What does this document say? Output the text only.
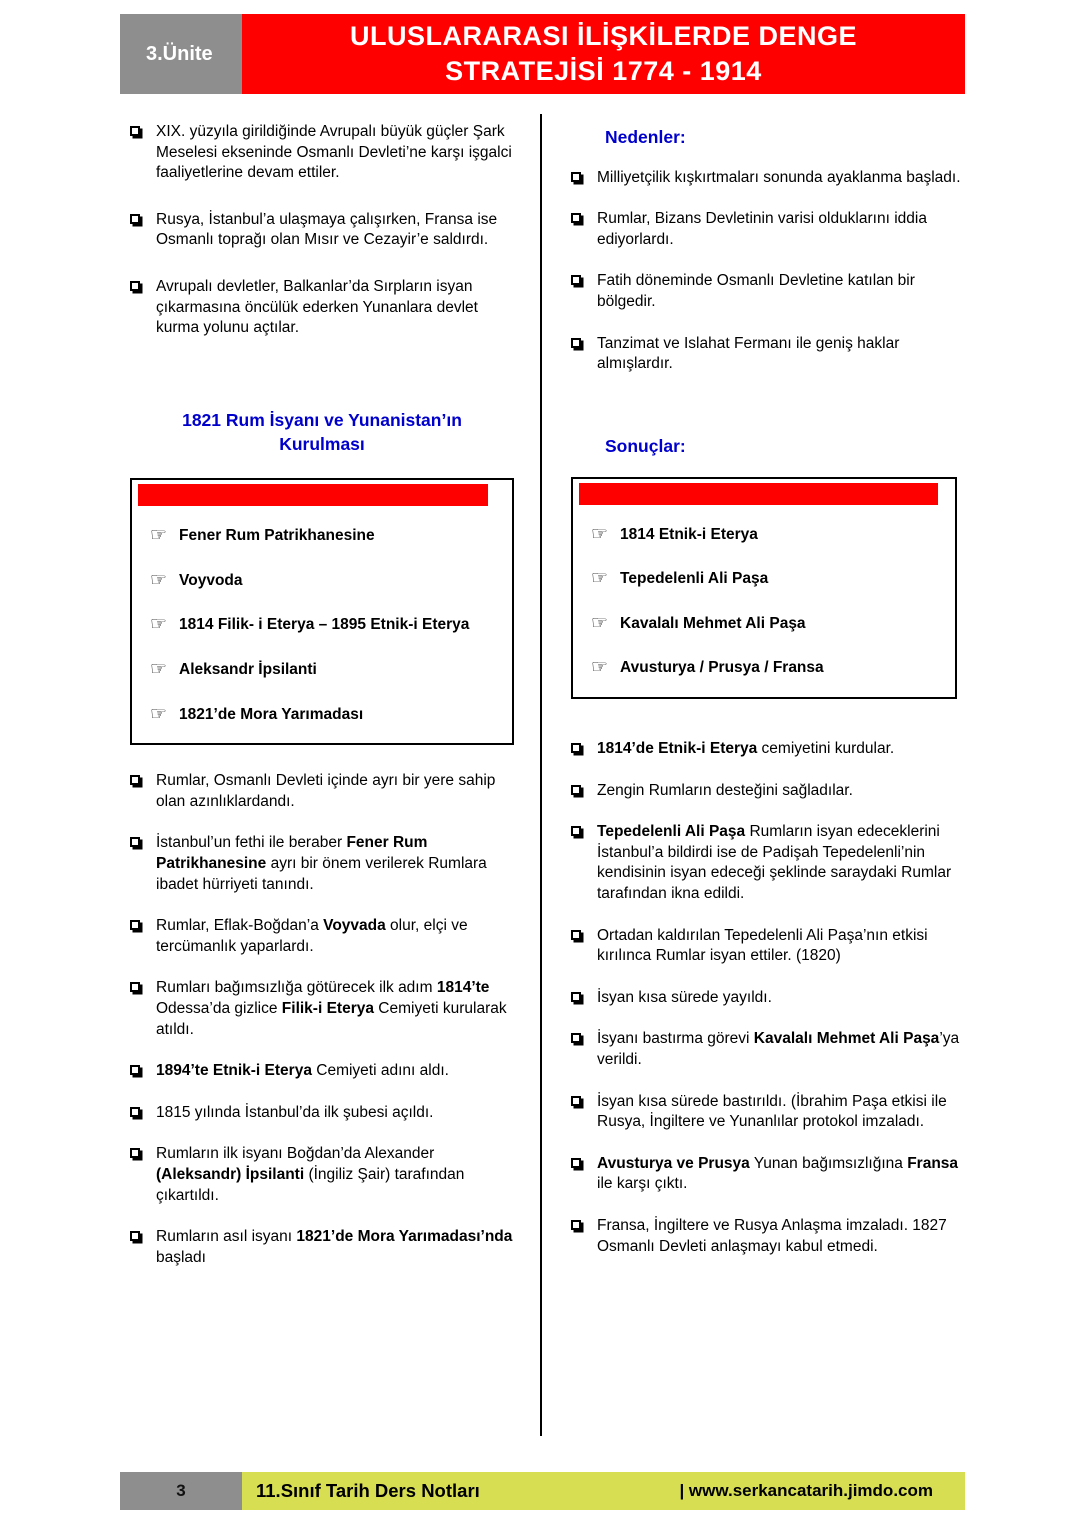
3.Ünite
ULUSLARARASI İLİŞKİLERDE DENGE
STRATEJİSİ 1774 - 1914
XIX. yüzyıla girildiğinde Avrupalı büyük güçler Şark Meselesi ekseninde Osmanlı Devleti’ne karşı işgalci faaliyetlerine devam ettiler.
Rusya, İstanbul’a ulaşmaya çalışırken, Fransa ise Osmanlı toprağı olan Mısır ve Cezayir’e saldırdı.
Avrupalı devletler, Balkanlar’da Sırpların isyan çıkarmasına öncülük ederken Yunanlara devlet kurma yolunu açtılar.
1821 Rum İsyanı ve Yunanistan’ın
Kurulması
☞ Fener Rum Patrikhanesine
☞ Voyvoda
☞ 1814 Filik- i Eterya – 1895 Etnik-i Eterya
☞ Aleksandr İpsilanti
☞ 1821’de Mora Yarımadası
Rumlar, Osmanlı Devleti içinde ayrı bir yere sahip olan azınlıklardandı.
İstanbul’un fethi ile beraber Fener Rum Patrikhanesine ayrı bir önem verilerek Rumlara ibadet hürriyeti tanındı.
Rumlar, Eflak-Boğdan’a Voyvada olur, elçi ve tercümanlık yaparlardı.
Rumları bağımsızlığa götürecek ilk adım 1814’te Odessa’da gizlice Filik-i Eterya Cemiyeti kurularak atıldı.
1894’te Etnik-i Eterya Cemiyeti adını aldı.
1815 yılında İstanbul’da ilk şubesi açıldı.
Rumların ilk isyanı Boğdan’da Alexander (Aleksandr) İpsilanti (İngiliz Şair) tarafından çıkartıldı.
Rumların asıl isyanı 1821’de Mora Yarımadası’nda başladı
Nedenler:
Milliyetçilik kışkırtmaları sonunda ayaklanma başladı.
Rumlar, Bizans Devletinin varisi olduklarını iddia ediyorlardı.
Fatih döneminde Osmanlı Devletine katılan bir bölgedir.
Tanzimat ve Islahat Fermanı ile geniş haklar almışlardır.
Sonuçlar:
☞ 1814 Etnik-i Eterya
☞ Tepedelenli Ali Paşa
☞ Kavalalı Mehmet Ali Paşa
☞ Avusturya / Prusya / Fransa
1814’de Etnik-i Eterya cemiyetini kurdular.
Zengin Rumların desteğini sağladılar.
Tepedelenli Ali Paşa Rumların isyan edeceklerini İstanbul’a bildirdi ise de Padişah Tepedelenli’nin kendisinin isyan edeceği şeklinde saraydaki Rumlar tarafından ikna edildi.
Ortadan kaldırılan Tepedelenli Ali Paşa’nın etkisi kırılınca Rumlar isyan ettiler. (1820)
İsyan kısa sürede yayıldı.
İsyanı bastırma görevi Kavalalı Mehmet Ali Paşa’ya verildi.
İsyan kısa sürede bastırıldı. (İbrahim Paşa etkisi ile Rusya, İngiltere ve Yunanlılar protokol imzaladı.
Avusturya ve Prusya Yunan bağımsızlığına Fransa ile karşı çıktı.
Fransa, İngiltere ve Rusya Anlaşma imzaladı. 1827 Osmanlı Devleti anlaşmayı kabul etmedi.
3	11.Sınıf Tarih Ders Notları	| www.serkancatarih.jimdo.com
